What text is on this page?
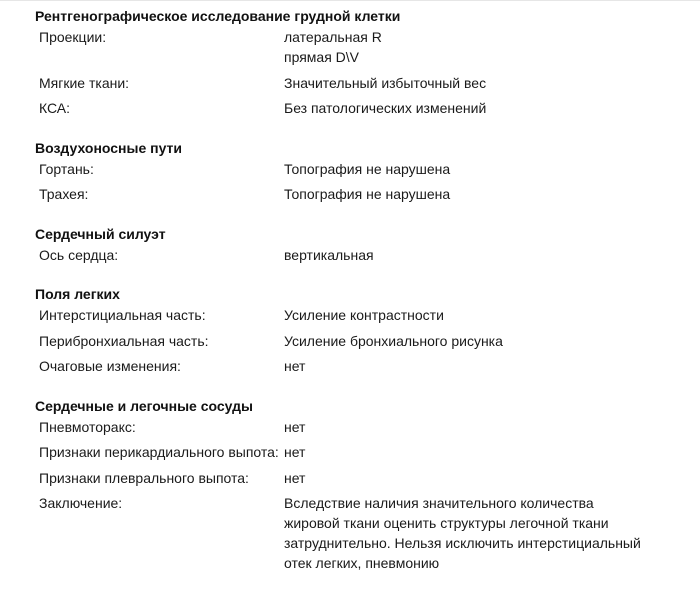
Рентгенографическое исследование грудной клетки
Проекции:	латеральная R
прямая D\V
Мягкие ткани:	Значительный избыточный вес
КСА:	Без патологических изменений
Воздухоносные пути
Гортань:	Топография не нарушена
Трахея:	Топография не нарушена
Сердечный силуэт
Ось сердца:	вертикальная
Поля легких
Интерстициальная часть:	Усиление контрастности
Перибронхиальная часть:	Усиление бронхиального рисунка
Очаговые изменения:	нет
Сердечные и легочные сосуды
Пневмоторакс:	нет
Признаки перикардиального выпота: нет
Признаки плеврального выпота:	нет
Заключение:	Вследствие наличия значительного количества
жировой ткани оценить структуры легочной ткани
затруднительно. Нельзя исключить интерстициальный
отек легких, пневмонию
